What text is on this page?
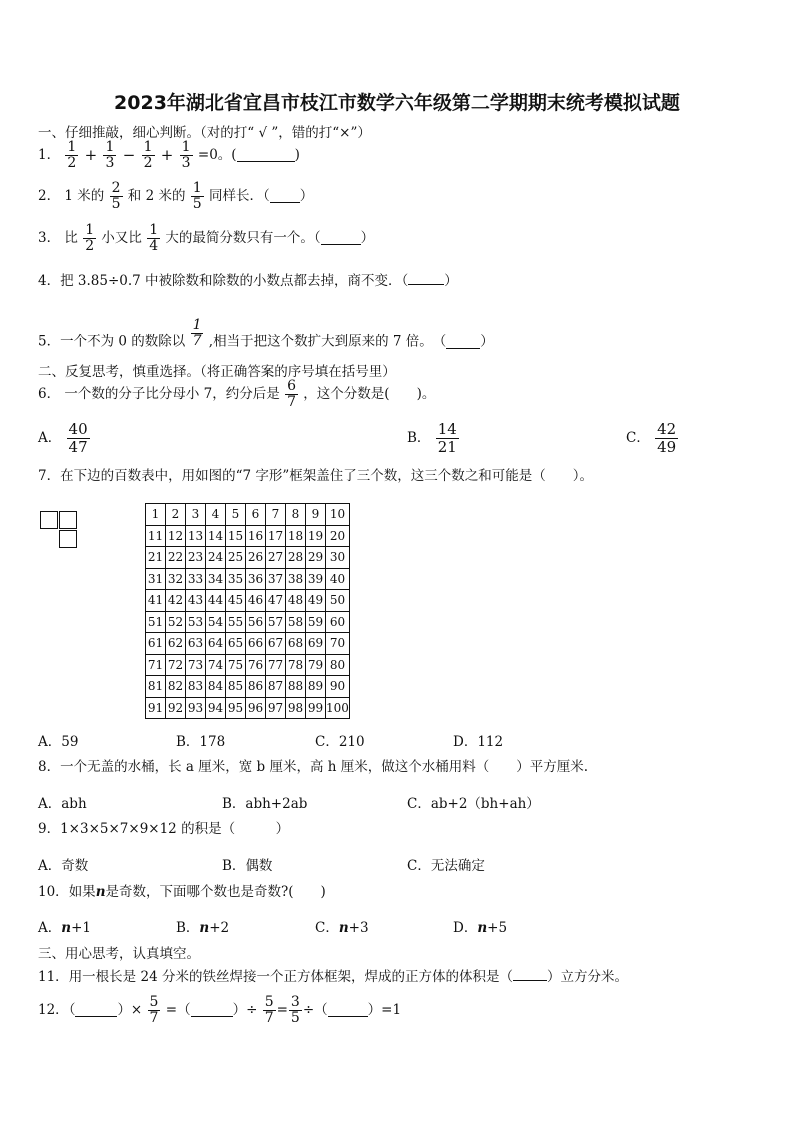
2023年湖北省宜昌市枝江市数学六年级第二学期期末统考模拟试题
一、仔细推敲，细心判断。（对的打“ √ ”，错的打“×”）
1． $\frac{1}{2} + \frac{1}{3} - \frac{1}{2} + \frac{1}{3} =0$。(	)
2． 1 米的 $\frac{2}{5}$ 和 2 米的 $\frac{1}{5}$ 同样长．（ ）
3． 比 $\frac{1}{2}$ 小又比 $\frac{1}{4}$ 大的最简分数只有一个。（	）
4．把 3.85÷0.7 中被除数和除数的小数点都去掉，商不变．（	）
5．一个不为 0 的数除以 $\frac{1}{7}$ ,相当于把这个数扩大到原来的 7 倍。　（	）
二、反复思考，慎重选择。（将正确答案的序号填在括号里）
6． 一个数的分子比分母小 7，约分后是 $\frac{6}{7}$ ，这个分数是(　　)。
A． $\frac{40}{47}$	B． $\frac{14}{21}$	C． $\frac{42}{49}$
7．在下边的百数表中，用如图的“7 字形”框架盖住了三个数，这三个数之和可能是（　　）。
1	2	3	4	5	6	7	8	9	10
11	12	13	14	15	16	17	18	19	20
21	22	23	24	25	26	27	28	29	30
31	32	33	34	35	36	37	38	39	40
41	42	43	44	45	46	47	48	49	50
51	52	53	54	55	56	57	58	59	60
61	62	63	64	65	66	67	68	69	70
71	72	73	74	75	76	77	78	79	80
81	82	83	84	85	86	87	88	89	90
91	92	93	94	95	96	97	98	99	100
A．59	B．178	C．210	D．112
8．一个无盖的水桶，长 a 厘米，宽 b 厘米，高 h 厘米，做这个水桶用料（　　）平方厘米.
A．abh	B．abh+2ab	C．ab+2（bh+ah）
9．1×3×5×7×9×12 的积是（　　　）
A．奇数	B．偶数	C．无法确定
10．如果n是奇数，下面哪个数也是奇数?(　　)
A．n+1	B．n+2	C．n+3	D．n+5
三、用心思考，认真填空。
11．用一根长是 24 分米的铁丝焊接一个正方体框架，焊成的正方体的体积是（	）立方分米。
12．（	）× $\frac{5}{7}$ =（	）÷ $\frac{5}{7} = \frac{3}{5}$ ÷（	）=1
